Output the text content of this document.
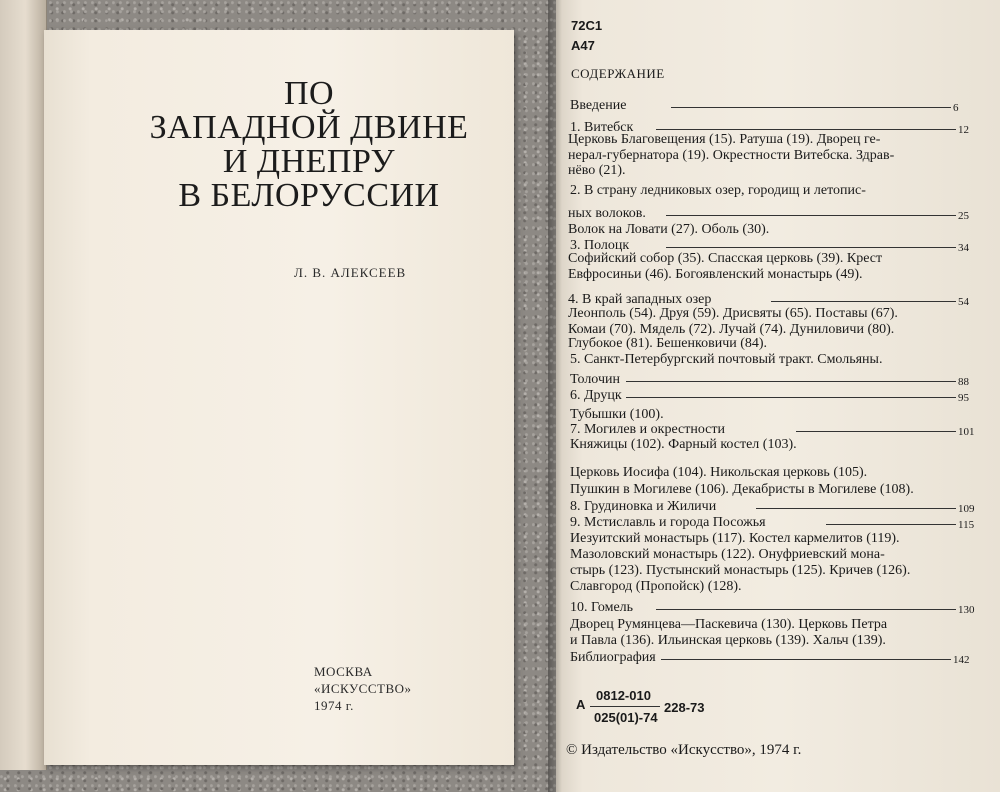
ПО
ЗАПАДНОЙ ДВИНЕ
И ДНЕПРУ
В БЕЛОРУССИИ
Л. В. АЛЕКСЕЕВ
МОСКВА
«ИСКУССТВО»
1974 г.
72С1
А47
СОДЕРЖАНИЕ
Введение
1. Витебск
Церковь Благовещения (15). Ратуша (19). Дворец ге-
нерал-губернатора (19). Окрестности Витебска. Здрав-
нёво (21).
2. В страну ледниковых озер, городищ и летопис-
ных волоков.
Волок на Ловати (27). Оболь (30).
3. Полоцк
Софийский собор (35). Спасская церковь (39). Крест
Евфросиньи (46). Богоявленский монастырь (49).
4. В край западных озер
Леонполь (54). Друя (59). Дрисвяты (65). Поставы (67).
Комаи (70). Мядель (72). Лучай (74). Дуниловичи (80).
Глубокое (81). Бешенковичи (84).
5. Санкт-Петербургский почтовый тракт. Смольяны.
Толочин
6. Друцк
Тубышки (100).
7. Могилев и окрестности
Княжицы (102). Фарный костел (103).
Церковь Иосифа (104). Никольская церковь (105).
Пушкин в Могилеве (106). Декабристы в Могилеве (108).
8. Грудиновка и Жиличи
9. Мстиславль и города Посожья
Иезуитский монастырь (117). Костел кармелитов (119).
Мазоловский монастырь (122). Онуфриевский мона-
стырь (123). Пустынский монастырь (125). Кричев (126).
Славгород (Пропойск) (128).
10. Гомель
Дворец Румянцева—Паскевича (130). Церковь Петра
и Павла (136). Ильинская церковь (139). Хальч (139).
Библиография
6
12
25
34
54
88
95
101
109
115
130
142
0812-010
А	228-73
025(01)-74
© Издательство «Искусство», 1974 г.
